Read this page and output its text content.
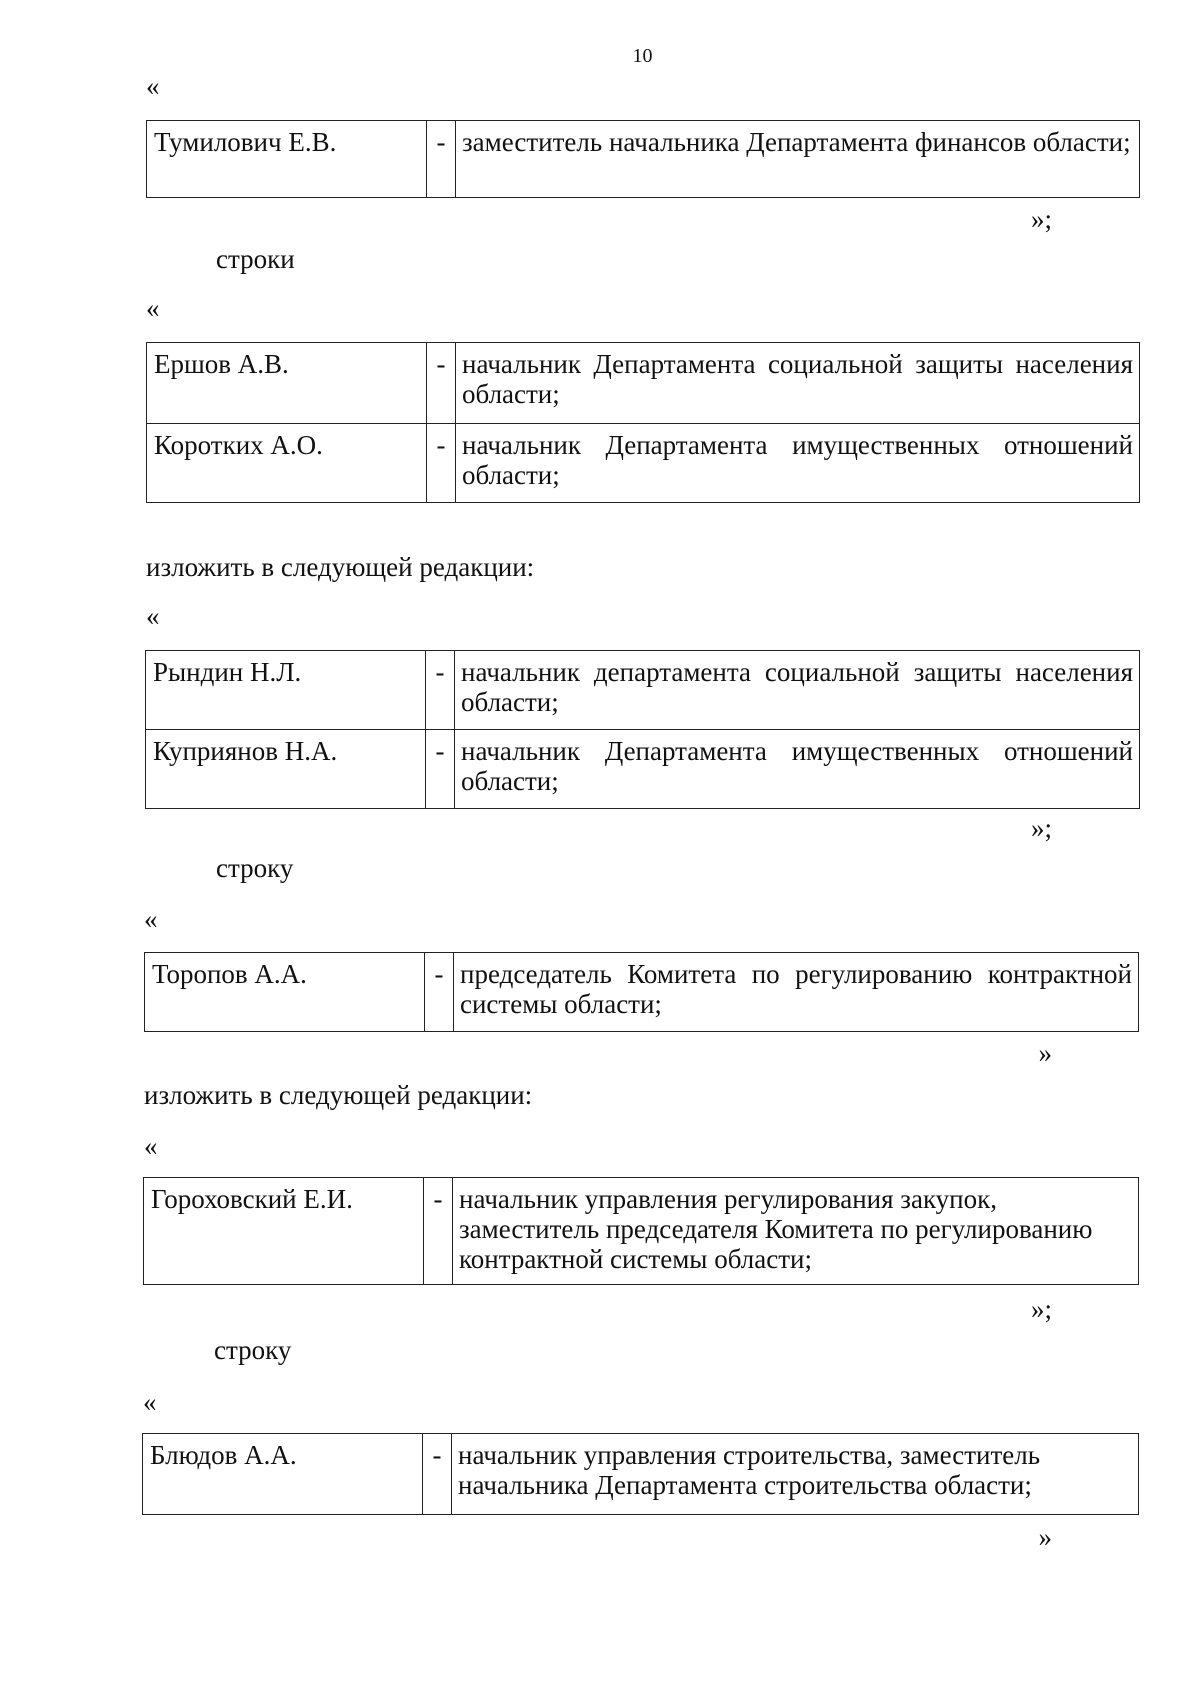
10
«
Тумилович Е.В.	-	заместитель начальника Департамента финансов области;
»;
строки
«
Ершов А.В.	-	начальник Департамента социальной защиты населения области;
Коротких А.О.	-	начальник Департамента имущественных отношений области;
изложить в следующей редакции:
«
Рындин Н.Л.	-	начальник департамента социальной защиты населения области;
Куприянов Н.А.	-	начальник Департамента имущественных отношений области;
»;
строку
«
Торопов А.А.	-	председатель Комитета по регулированию контрактной системы области;
»
изложить в следующей редакции:
«
Гороховский Е.И.	-	начальник управления регулирования закупок, заместитель председателя Комитета по регулированию контрактной системы области;
»;
строку
«
Блюдов А.А.	-	начальник управления строительства, заместитель начальника Департамента строительства области;
»
